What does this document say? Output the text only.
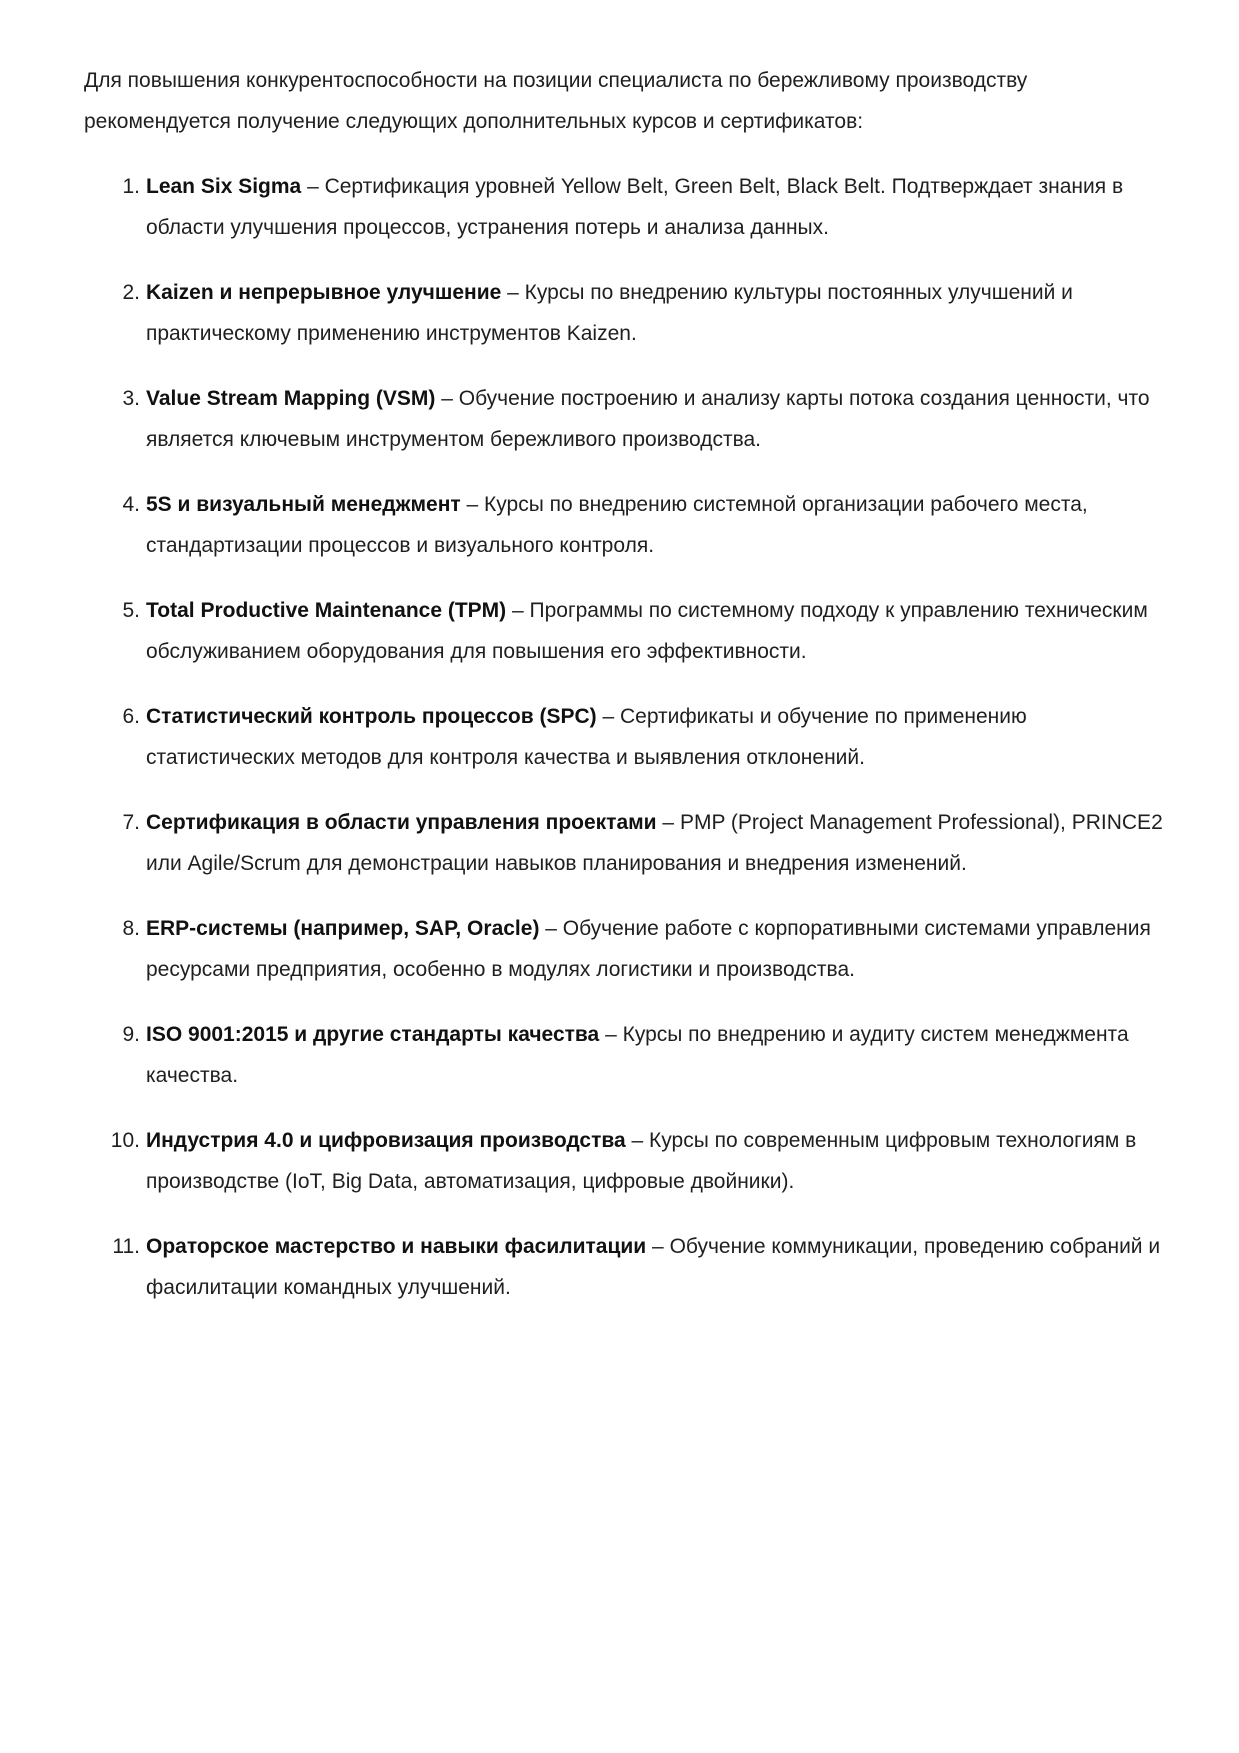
Для повышения конкурентоспособности на позиции специалиста по бережливому производству рекомендуется получение следующих дополнительных курсов и сертификатов:

1. Lean Six Sigma – Сертификация уровней Yellow Belt, Green Belt, Black Belt. Подтверждает знания в области улучшения процессов, устранения потерь и анализа данных.
2. Kaizen и непрерывное улучшение – Курсы по внедрению культуры постоянных улучшений и практическому применению инструментов Kaizen.
3. Value Stream Mapping (VSM) – Обучение построению и анализу карты потока создания ценности, что является ключевым инструментом бережливого производства.
4. 5S и визуальный менеджмент – Курсы по внедрению системной организации рабочего места, стандартизации процессов и визуального контроля.
5. Total Productive Maintenance (TPM) – Программы по системному подходу к управлению техническим обслуживанием оборудования для повышения его эффективности.
6. Статистический контроль процессов (SPC) – Сертификаты и обучение по применению статистических методов для контроля качества и выявления отклонений.
7. Сертификация в области управления проектами – PMP (Project Management Professional), PRINCE2 или Agile/Scrum для демонстрации навыков планирования и внедрения изменений.
8. ERP-системы (например, SAP, Oracle) – Обучение работе с корпоративными системами управления ресурсами предприятия, особенно в модулях логистики и производства.
9. ISO 9001:2015 и другие стандарты качества – Курсы по внедрению и аудиту систем менеджмента качества.
10. Индустрия 4.0 и цифровизация производства – Курсы по современным цифровым технологиям в производстве (IoT, Big Data, автоматизация, цифровые двойники).
11. Ораторское мастерство и навыки фасилитации – Обучение коммуникации, проведению собраний и фасилитации командных улучшений.
